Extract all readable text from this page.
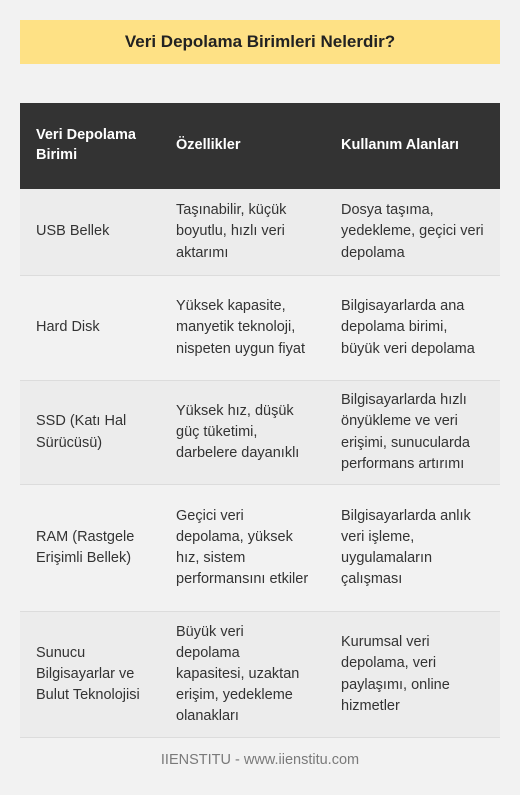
Veri Depolama Birimleri Nelerdir?
Veri Depolama Birimi	Özellikler	Kullanım Alanları
USB Bellek	Taşınabilir, küçük boyutlu, hızlı veri aktarımı	Dosya taşıma, yedekleme, geçici veri depolama
Hard Disk	Yüksek kapasite, manyetik teknoloji, nispeten uygun fiyat	Bilgisayarlarda ana depolama birimi, büyük veri depolama
SSD (Katı Hal Sürücüsü)	Yüksek hız, düşük güç tüketimi, darbelere dayanıklı	Bilgisayarlarda hızlı önyükleme ve veri erişimi, sunucularda performans artırımı
RAM (Rastgele Erişimli Bellek)	Geçici veri depolama, yüksek hız, sistem performansını etkiler	Bilgisayarlarda anlık veri işleme, uygulamaların çalışması
Sunucu Bilgisayarlar ve Bulut Teknolojisi	Büyük veri depolama kapasitesi, uzaktan erişim, yedekleme olanakları	Kurumsal veri depolama, veri paylaşımı, online hizmetler
IIENSTITU - www.iienstitu.com
